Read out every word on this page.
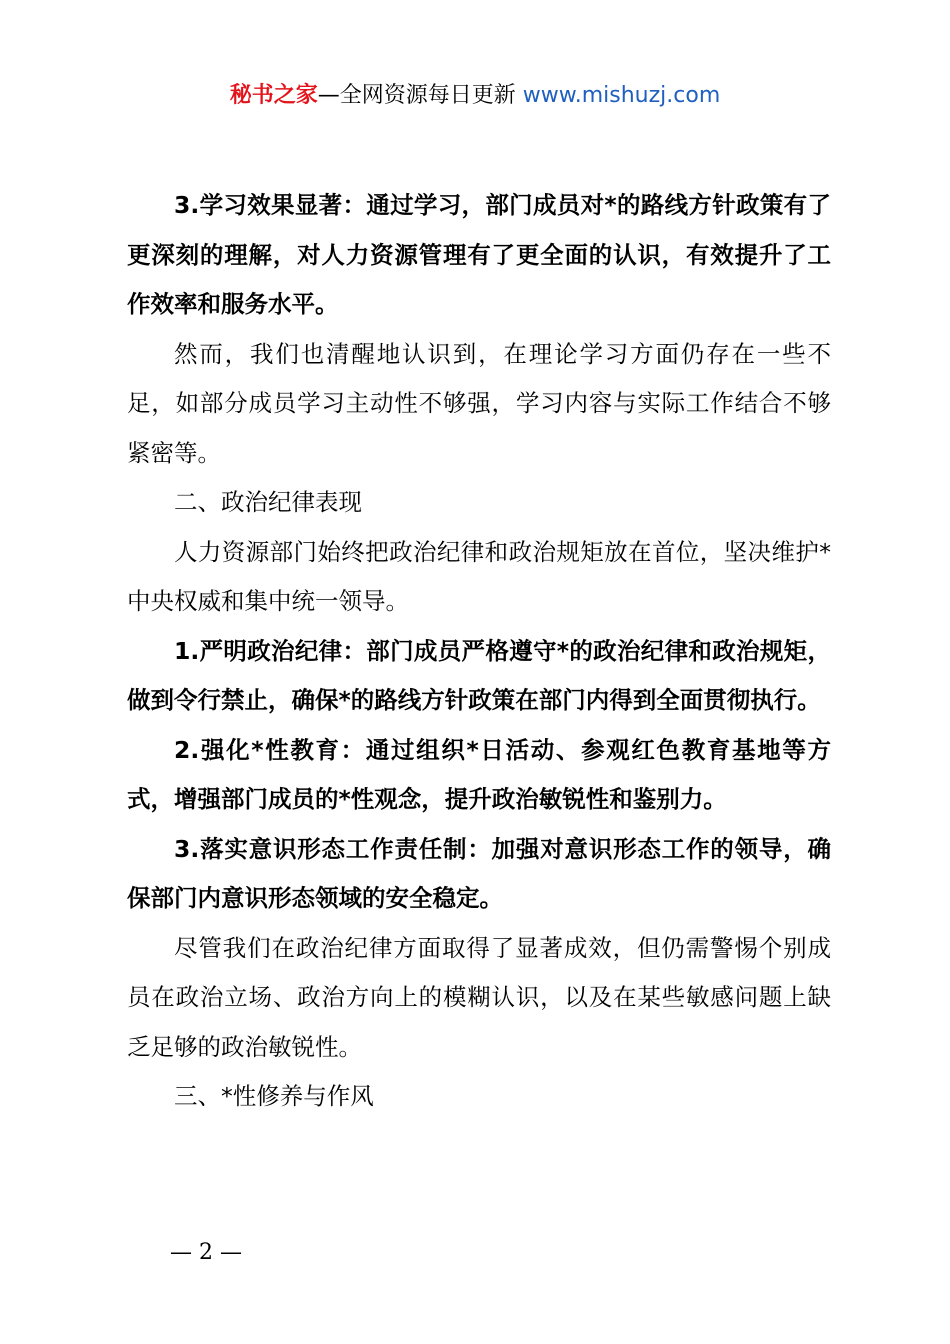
秘书之家—全网资源每日更新 www.mishuzj.com

3.学习效果显著：通过学习，部门成员对*的路线方针政策有了更深刻的理解，对人力资源管理有了更全面的认识，有效提升了工作效率和服务水平。

然而，我们也清醒地认识到，在理论学习方面仍存在一些不足，如部分成员学习主动性不够强，学习内容与实际工作结合不够紧密等。

二、政治纪律表现

人力资源部门始终把政治纪律和政治规矩放在首位，坚决维护*中央权威和集中统一领导。

1.严明政治纪律：部门成员严格遵守*的政治纪律和政治规矩，做到令行禁止，确保*的路线方针政策在部门内得到全面贯彻执行。

2.强化*性教育：通过组织*日活动、参观红色教育基地等方式，增强部门成员的*性观念，提升政治敏锐性和鉴别力。

3.落实意识形态工作责任制：加强对意识形态工作的领导，确保部门内意识形态领域的安全稳定。

尽管我们在政治纪律方面取得了显著成效，但仍需警惕个别成员在政治立场、政治方向上的模糊认识，以及在某些敏感问题上缺乏足够的政治敏锐性。

三、*性修养与作风

— 2 —
